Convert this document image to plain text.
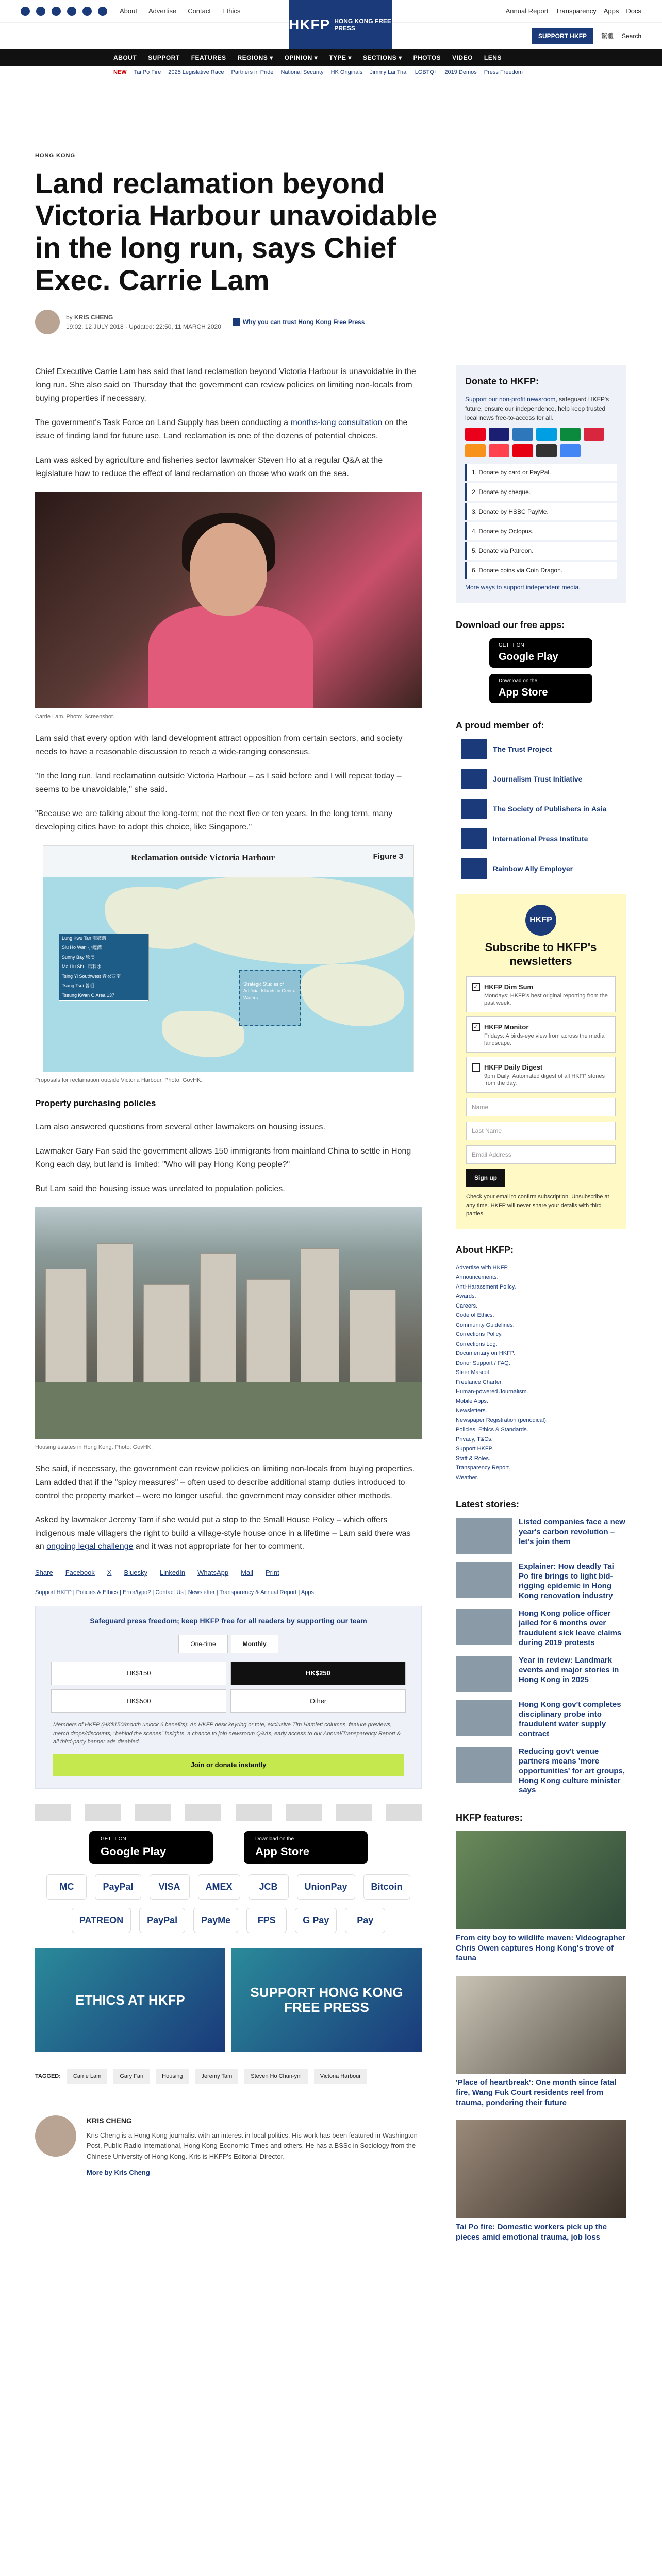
About Advertise Contact Ethics	Annual Report Transparency Apps Docs
HKFP HONG KONG FREE PRESS
SUPPORT HKFP	繁體 Search
ABOUT SUPPORT FEATURES REGIONS ▾ OPINION ▾ TYPE ▾ SECTIONS ▾ PHOTOS VIDEO LENS
NEW Tai Po Fire 2025 Legislative Race Partners in Pride National Security HK Originals Jimmy Lai Trial LGBTQ+ 2019 Demos Press Freedom
HONG KONG
Land reclamation beyond Victoria Harbour unavoidable in the long run, says Chief Exec. Carrie Lam
by KRIS CHENG
19:02, 12 JULY 2018 · Updated: 22:50, 11 MARCH 2020
Why you can trust Hong Kong Free Press

Chief Executive Carrie Lam has said that land reclamation beyond Victoria Harbour is unavoidable in the long run. She also said on Thursday that the government can review policies on limiting non-locals from buying properties if necessary.

The government's Task Force on Land Supply has been conducting a months-long consultation on the issue of finding land for future use. Land reclamation is one of the dozens of potential choices.

Lam was asked by agriculture and fisheries sector lawmaker Steven Ho at a regular Q&A at the legislature how to reduce the effect of land reclamation on those who work on the sea.

Carrie Lam. Photo: Screenshot.

Lam said that every option with land development attract opposition from certain sectors, and society needs to have a reasonable discussion to reach a wide-ranging consensus.

"In the long run, land reclamation outside Victoria Harbour – as I said before and I will repeat today – seems to be unavoidable," she said.

"Because we are talking about the long-term; not the next five or ten years. In the long term, many developing cities have to adopt this choice, like Singapore."

Reclamation outside Victoria Harbour	Figure 3
Strategic Studies of Artificial Islands in Central Waters
Lung Kwu Tan 龍鼓灘
Siu Ho Wan 小蠔灣
Sunny Bay 欣澳
Ma Liu Shui 馬料水
Tsing Yi Southwest 青衣西南
Tsang Tsui 曾咀
Tseung Kwan O Area 137
Proposals for reclamation outside Victoria Harbour. Photo: GovHK.
Property purchasing policies

Lam also answered questions from several other lawmakers on housing issues.

Lawmaker Gary Fan said the government allows 150 immigrants from mainland China to settle in Hong Kong each day, but land is limited: "Who will pay Hong Kong people?"

But Lam said the housing issue was unrelated to population policies.

Housing estates in Hong Kong. Photo: GovHK.

She said, if necessary, the government can review policies on limiting non-locals from buying properties. Lam added that if the "spicy measures" – often used to describe additional stamp duties introduced to control the property market – were no longer useful, the government may consider other methods.

Asked by lawmaker Jeremy Tam if she would put a stop to the Small House Policy – which offers indigenous male villagers the right to build a village-style house once in a lifetime – Lam said there was an ongoing legal challenge and it was not appropriate for her to comment.

Share Facebook X Bluesky LinkedIn WhatsApp Mail Print
Support HKFP | Policies & Ethics | Error/typo? | Contact Us | Newsletter | Transparency & Annual Report | Apps
Safeguard press freedom; keep HKFP free for all readers by supporting our team
One-time	Monthly
HK$150	HK$250
HK$500	Other
Members of HKFP (HK$150/month unlock 6 benefits): An HKFP desk keyring or tote, exclusive Tim Hamlett columns, feature previews, merch drops/discounts, "behind the scenes" insights, a chance to join newsroom Q&As, early access to our Annual/Transparency Report & all third-party banner ads disabled.
Join or donate instantly
GET IT ON
Google Play
Download on the
App Store
MC	PayPal	VISA	AMEX	JCB	UnionPay	Bitcoin
PATREON	PayPal	PayMe	FPS	G Pay	Pay
ETHICS AT HKFP	SUPPORT HONG KONG FREE PRESS
TAGGED:	Carrie Lam	Gary Fan	Housing	Jeremy Tam	Steven Ho Chun-yin	Victoria Harbour
KRIS CHENG
Kris Cheng is a Hong Kong journalist with an interest in local politics. His work has been featured in Washington Post, Public Radio International, Hong Kong Economic Times and others. He has a BSSc in Sociology from the Chinese University of Hong Kong. Kris is HKFP's Editorial Director.
More by Kris Cheng
Donate to HKFP:

Support our non-profit newsroom, safeguard HKFP's future, ensure our independence, help keep trusted local news free-to-access for all.

1. Donate by card or PayPal.
2. Donate by cheque.
3. Donate by HSBC PayMe.
4. Donate by Octopus.
5. Donate via Patreon.
6. Donate coins via Coin Dragon.
More ways to support independent media.
Download our free apps:
GET IT ON
Google Play
Download on the
App Store
A proud member of:
The Trust Project
Journalism Trust Initiative
The Society of Publishers in Asia
International Press Institute
Rainbow Ally Employer
HKFP
Subscribe to HKFP's newsletters
✓ HKFP Dim Sum
Mondays: HKFP's best original reporting from the past week.
✓ HKFP Monitor
Fridays: A birds-eye view from across the media landscape.
HKFP Daily Digest
9pm Daily: Automated digest of all HKFP stories from the day.
Name
Last Name
Email Address
Sign up
Check your email to confirm subscription. Unsubscribe at any time. HKFP will never share your details with third parties.
About HKFP:
Advertise with HKFP.
Announcements.
Anti-Harassment Policy.
Awards.
Careers.
Code of Ethics.
Community Guidelines.
Corrections Policy.
Corrections Log.
Documentary on HKFP.
Donor Support / FAQ.
Steer Mascot.
Freelance Charter.
Human-powered Journalism.
Mobile Apps.
Newsletters.
Newspaper Registration (periodical).
Policies, Ethics & Standards.
Privacy, T&Cs.
Support HKFP.
Staff & Roles.
Transparency Report.
Weather.
Latest stories:
Listed companies face a new year's carbon revolution – let's join them
Explainer: How deadly Tai Po fire brings to light bid-rigging epidemic in Hong Kong renovation industry
Hong Kong police officer jailed for 6 months over fraudulent sick leave claims during 2019 protests
Year in review: Landmark events and major stories in Hong Kong in 2025
Hong Kong gov't completes disciplinary probe into fraudulent water supply contract
Reducing gov't venue partners means 'more opportunities' for art groups, Hong Kong culture minister says
HKFP features:
From city boy to wildlife maven: Videographer Chris Owen captures Hong Kong's trove of fauna
'Place of heartbreak': One month since fatal fire, Wang Fuk Court residents reel from trauma, pondering their future
Tai Po fire: Domestic workers pick up the pieces amid emotional trauma, job loss
